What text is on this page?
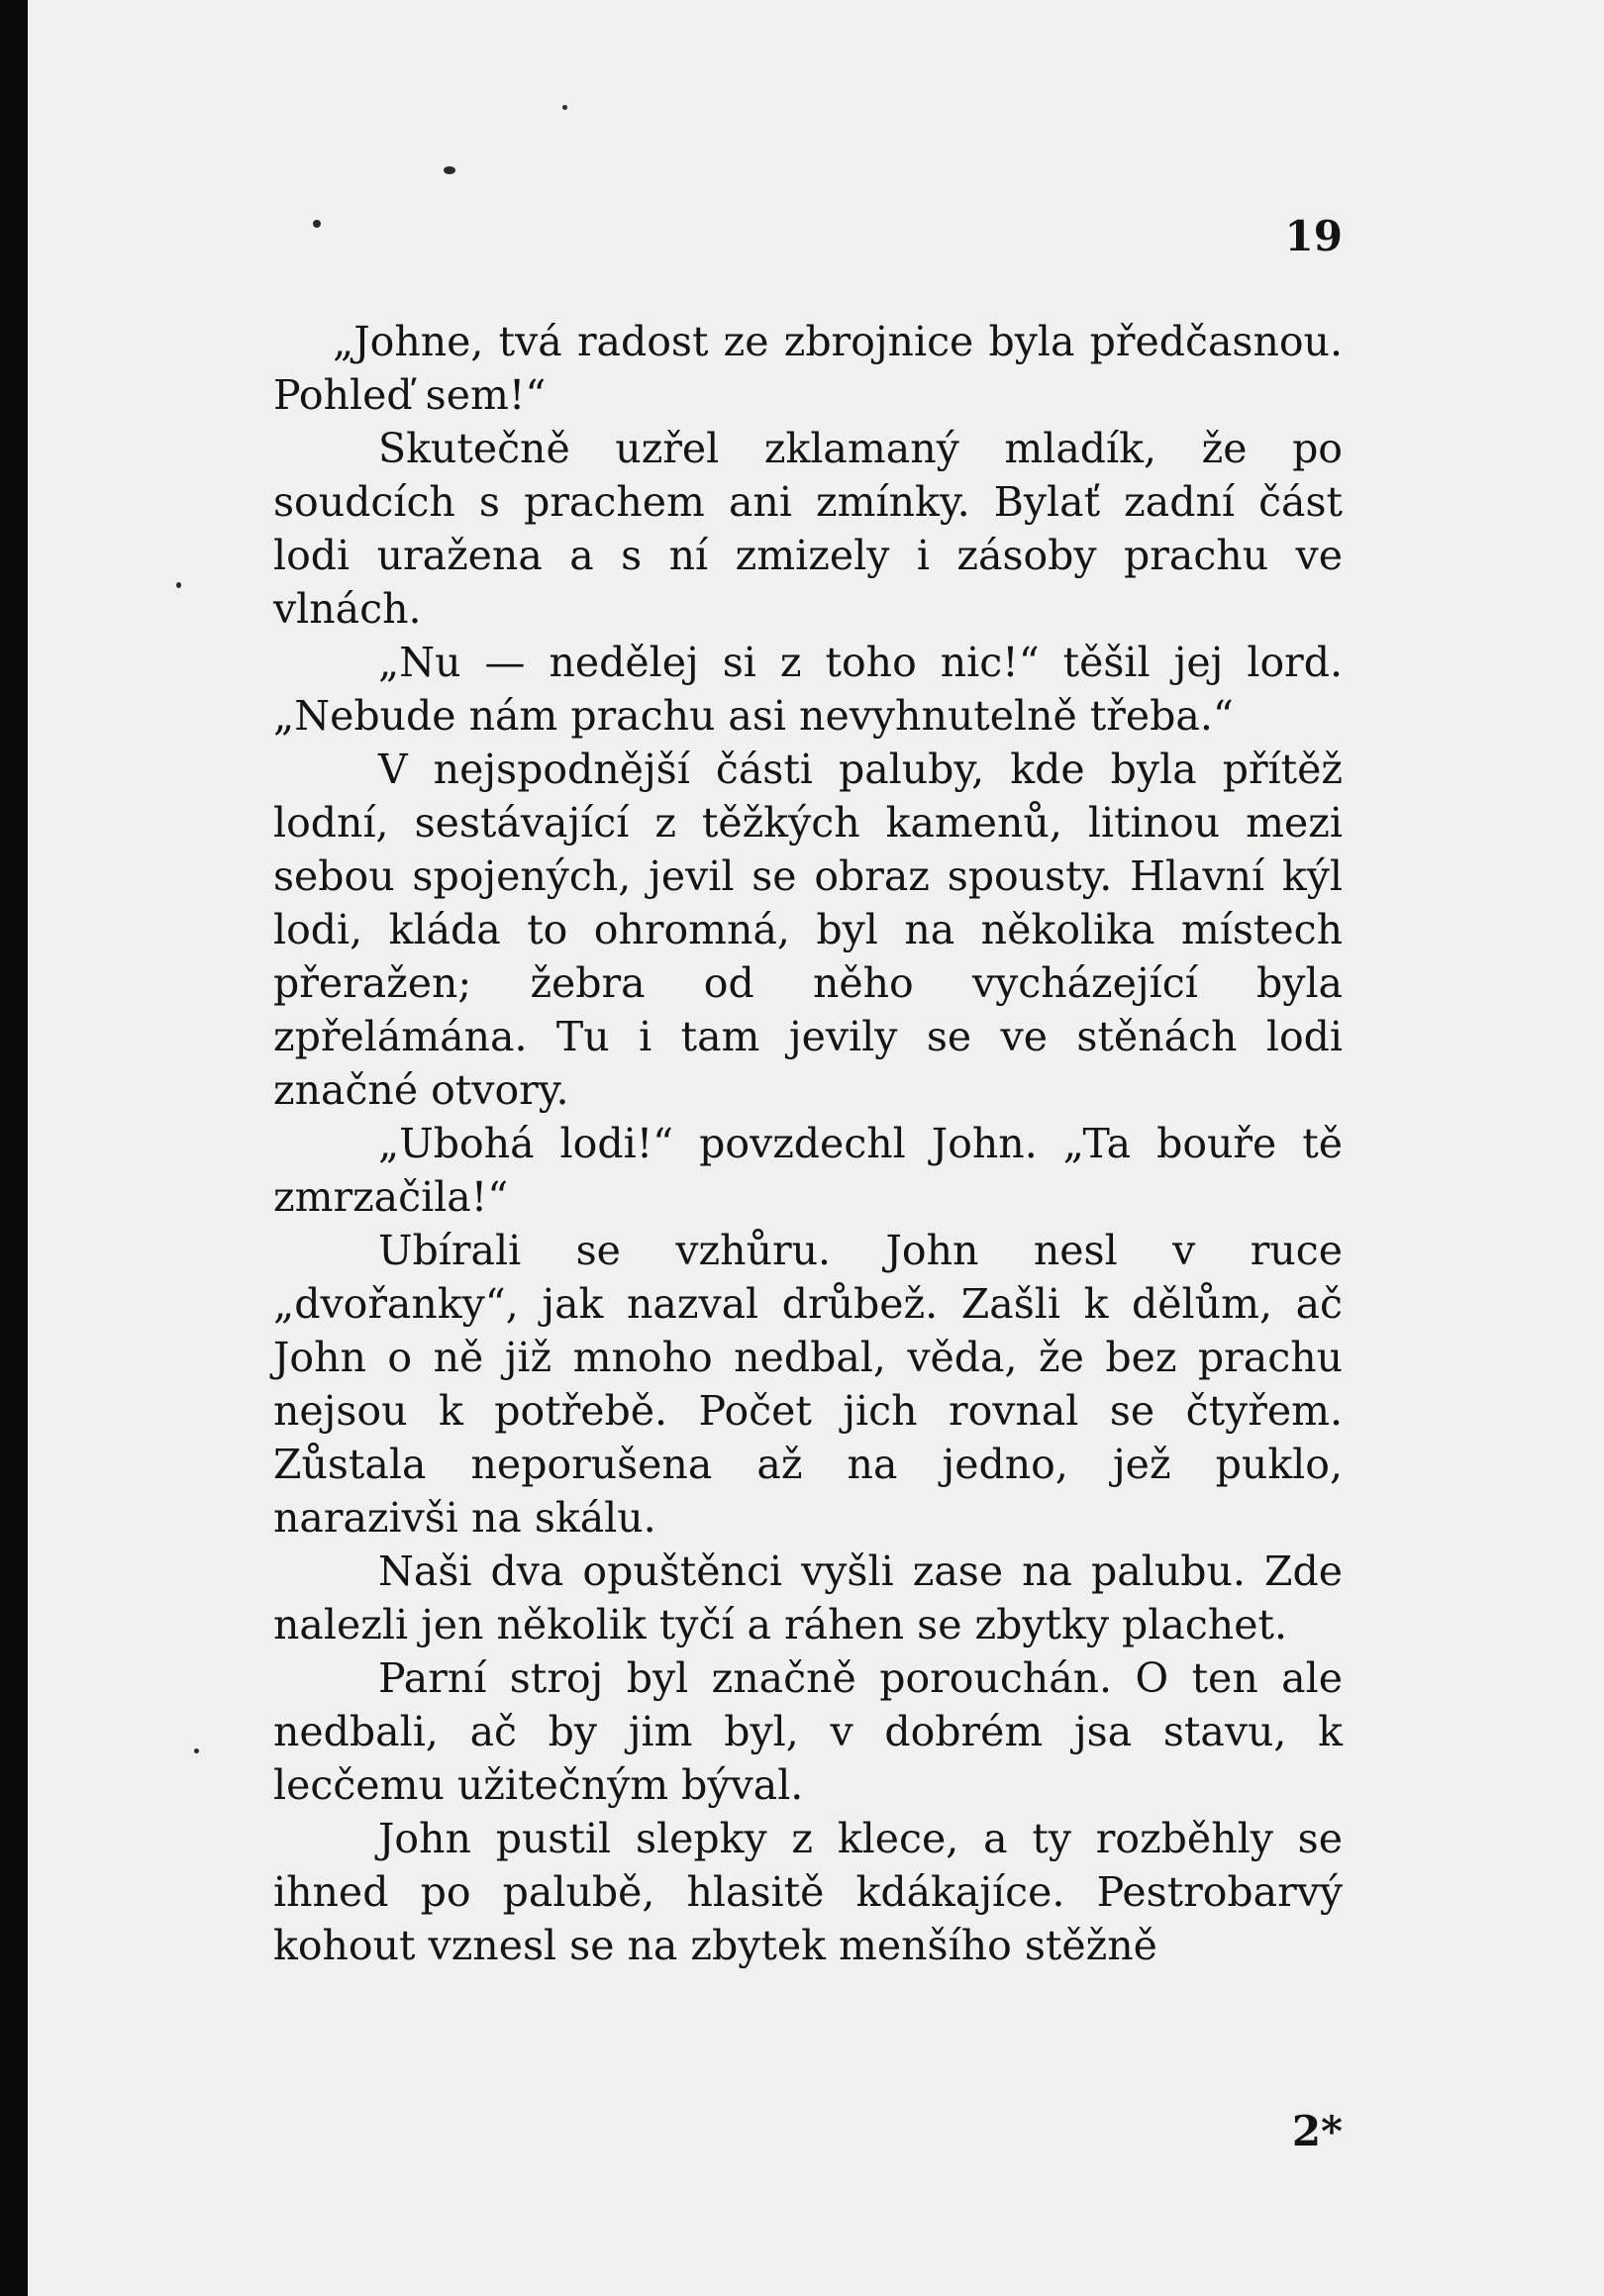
19

„Johne, tvá radost ze zbrojnice byla předčasnou. Pohleď sem!“

Skutečně uzřel zklamaný mladík, že po soudcích s prachem ani zmínky. Bylať zadní část lodi uražena a s ní zmizely i zásoby prachu ve vlnách.

„Nu — nedělej si z toho nic!“ těšil jej lord. „Nebude nám prachu asi nevyhnutelně třeba.“

V nejspodnější části paluby, kde byla přítěž lodní, sestávající z těžkých kamenů, litinou mezi sebou spojených, jevil se obraz spousty. Hlavní kýl lodi, kláda to ohromná, byl na několika místech přeražen; žebra od něho vycházející byla zpřelámána. Tu i tam jevily se ve stěnách lodi značné otvory.

„Ubohá lodi!“ povzdechl John. „Ta bouře tě zmrzačila!“

Ubírali se vzhůru. John nesl v ruce „dvořanky“, jak nazval drůbež. Zašli k dělům, ač John o ně již mnoho nedbal, věda, že bez prachu nejsou k potřebě. Počet jich rovnal se čtyřem. Zůstala neporušena až na jedno, jež puklo, narazivši na skálu.

Naši dva opuštěnci vyšli zase na palubu. Zde nalezli jen několik tyčí a ráhen se zbytky plachet.

Parní stroj byl značně porouchán. O ten ale nedbali, ač by jim byl, v dobrém jsa stavu, k lecčemu užitečným býval.

John pustil slepky z klece, a ty rozběhly se ihned po palubě, hlasitě kdákajíce. Pestrobarvý kohout vznesl se na zbytek menšího stěžně

2*
